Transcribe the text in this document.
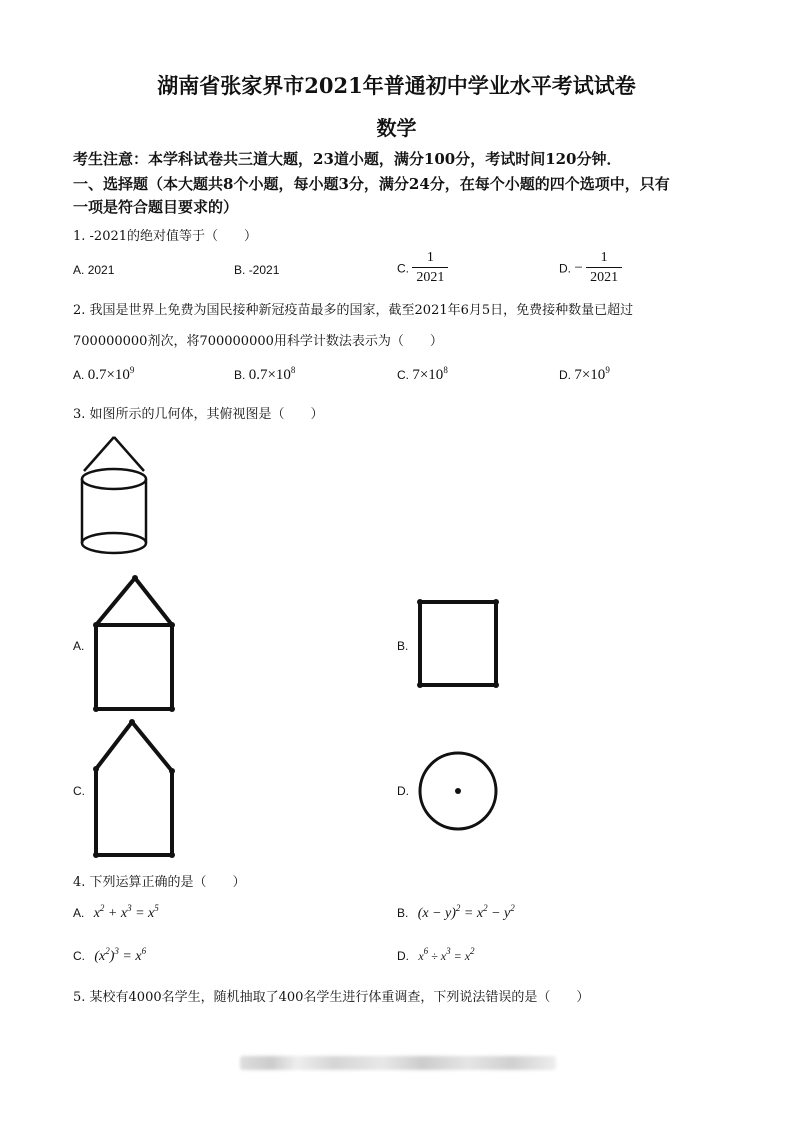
湖南省张家界市2021年普通初中学业水平考试试卷
数学
考生注意：本学科试卷共三道大题，23道小题，满分100分，考试时间120分钟．
一、选择题（本大题共8个小题，每小题3分，满分24分，在每个小题的四个选项中，只有
一项是符合题目要求的）
1. -2021的绝对值等于（　　）
A. 2021	B. -2021	C. $\frac{1}{2021}$	D. − $\frac{1}{2021}$
2. 我国是世界上免费为国民接种新冠疫苗最多的国家，截至2021年6月5日，免费接种数量已超过
700000000剂次，将700000000用科学计数法表示为（　　）
A. $0.7\times 10^9$	B. $0.7\times 10^8$	C. $7\times 10^8$	D. $7\times 10^9$
3. 如图所示的几何体，其俯视图是（　　）
A.	B.
C.	D.
4. 下列运算正确的是（　　）
A. $x^2 + x^3 = x^5$	B. $(x - y)^2 = x^2 - y^2$
C. $(x^2)^3 = x^6$	D. $x^6 \div x^3 = x^2$
5. 某校有4000名学生，随机抽取了400名学生进行体重调查，下列说法错误的是（　　）
